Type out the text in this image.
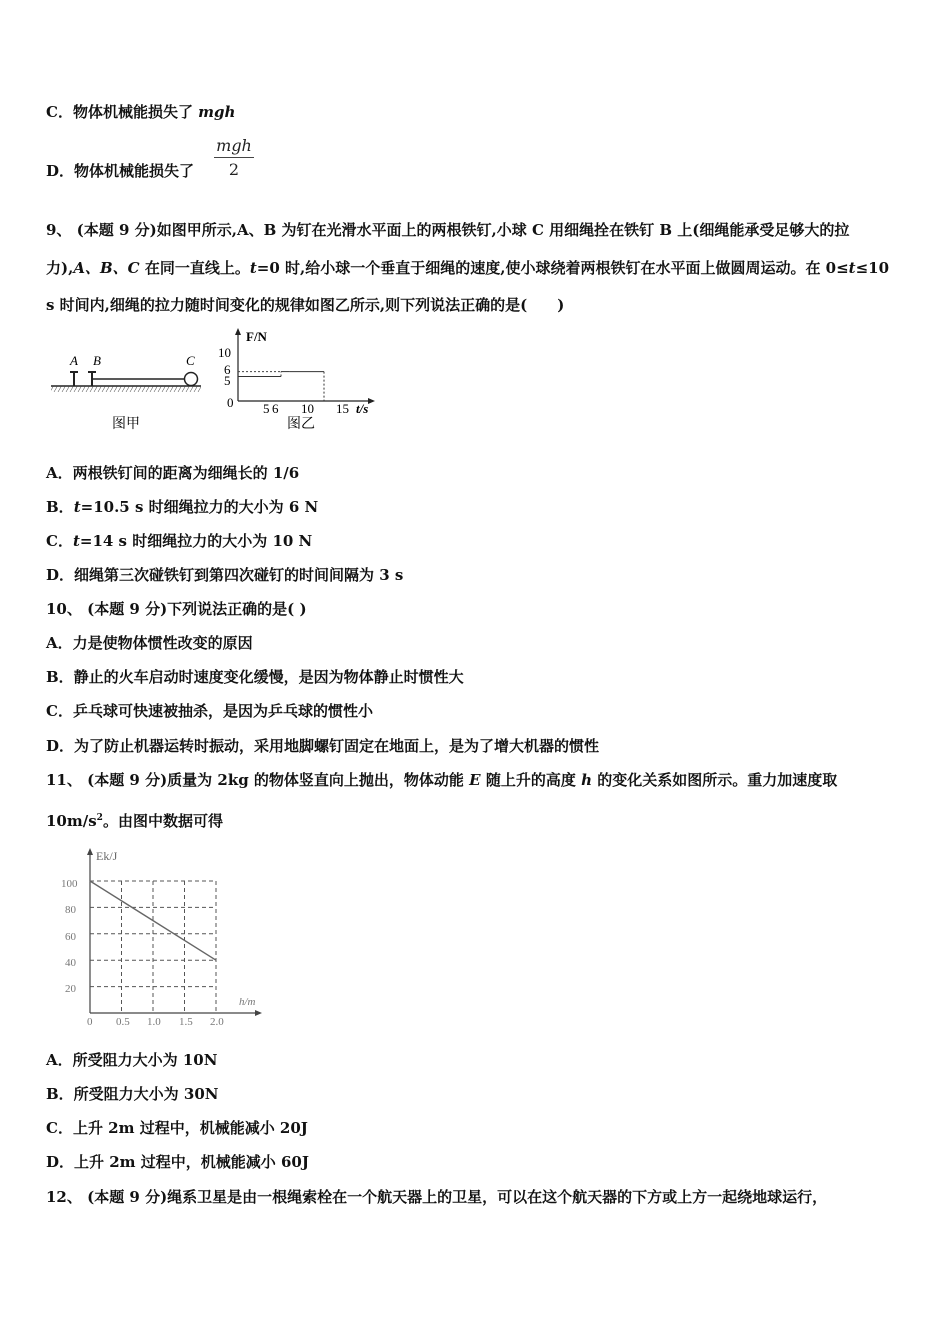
C．物体机械能损失了 mgh
D．物体机械能损失了
mgh
2
9、 (本题 9 分)如图甲所示,A、B 为钉在光滑水平面上的两根铁钉,小球 C 用细绳拴在铁钉 B 上(细绳能承受足够大的拉
力),A、B、C 在同一直线上。t=0 时,给小球一个垂直于细绳的速度,使小球绕着两根铁钉在水平面上做圆周运动。在 0≤t≤10
s 时间内,细绳的拉力随时间变化的规律如图乙所示,则下列说法正确的是(　　)
A B	C
图甲
F/N
10
6
5
0 5 6 10 15 t/s
图乙
A．两根铁钉间的距离为细绳长的 1/6
B．t=10.5 s 时细绳拉力的大小为 6 N
C．t=14 s 时细绳拉力的大小为 10 N
D．细绳第三次碰铁钉到第四次碰钉的时间间隔为 3 s
10、 (本题 9 分)下列说法正确的是( )
A．力是使物体惯性改变的原因
B．静止的火车启动时速度变化缓慢，是因为物体静止时惯性大
C．乒乓球可快速被抽杀，是因为乒乓球的惯性小
D．为了防止机器运转时振动，采用地脚螺钉固定在地面上，是为了增大机器的惯性
11、 (本题 9 分)质量为 2kg 的物体竖直向上抛出，物体动能 E 随上升的高度 h 的变化关系如图所示。重力加速度取
$10m/s^2$。由图中数据可得
Ek/J
100
80
60
40
20
0 0.5 1.0 1.5 2.0
h/m
A．所受阻力大小为 10N
B．所受阻力大小为 30N
C．上升 2m 过程中，机械能减小 20J
D．上升 2m 过程中，机械能减小 60J
12、 (本题 9 分)绳系卫星是由一根绳索栓在一个航天器上的卫星，可以在这个航天器的下方或上方一起绕地球运行，
